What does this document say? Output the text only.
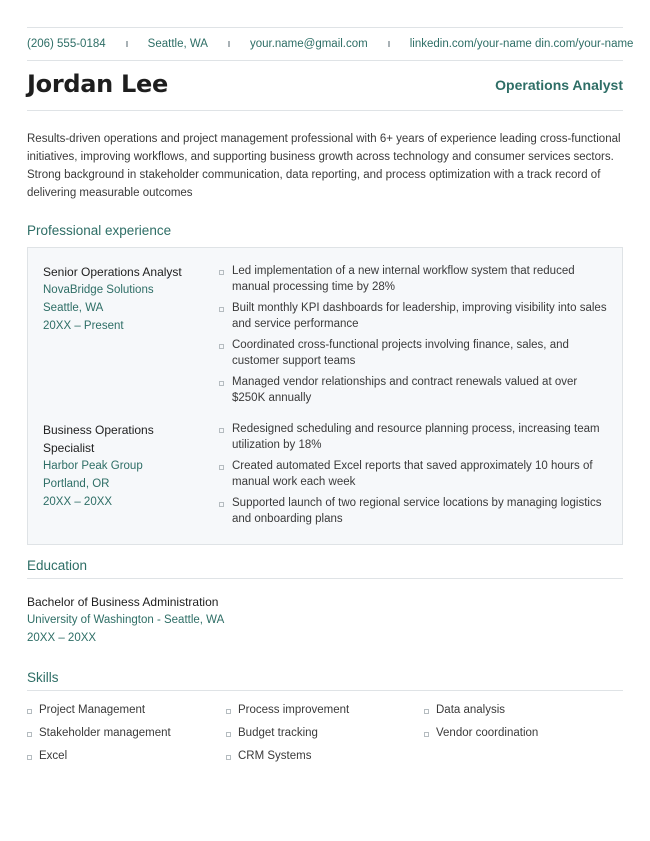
(206) 555-0184	Seattle, WA	your.name@gmail.com	linkedin.com/your-name din.com/your-name
Jordan Lee	Operations Analyst
Results-driven operations and project management professional with 6+ years of experience leading cross-functional initiatives, improving workflows, and supporting business growth across technology and consumer services sectors. Strong background in stakeholder communication, data reporting, and process optimization with a track record of delivering measurable outcomes
Professional experience
Senior Operations Analyst
NovaBridge Solutions
Seattle, WA
20XX – Present
Led implementation of a new internal workflow system that reduced manual processing time by 28%
Built monthly KPI dashboards for leadership, improving visibility into sales and service performance
Coordinated cross-functional projects involving finance, sales, and customer support teams
Managed vendor relationships and contract renewals valued at over $250K annually
Business Operations Specialist
Harbor Peak Group
Portland, OR
20XX – 20XX
Redesigned scheduling and resource planning process, increasing team utilization by 18%
Created automated Excel reports that saved approximately 10 hours of manual work each week
Supported launch of two regional service locations by managing logistics and onboarding plans
Education
Bachelor of Business Administration
University of Washington - Seattle, WA
20XX – 20XX
Skills
Project Management	Process improvement	Data analysis
Stakeholder management	Budget tracking	Vendor coordination
Excel	CRM Systems
